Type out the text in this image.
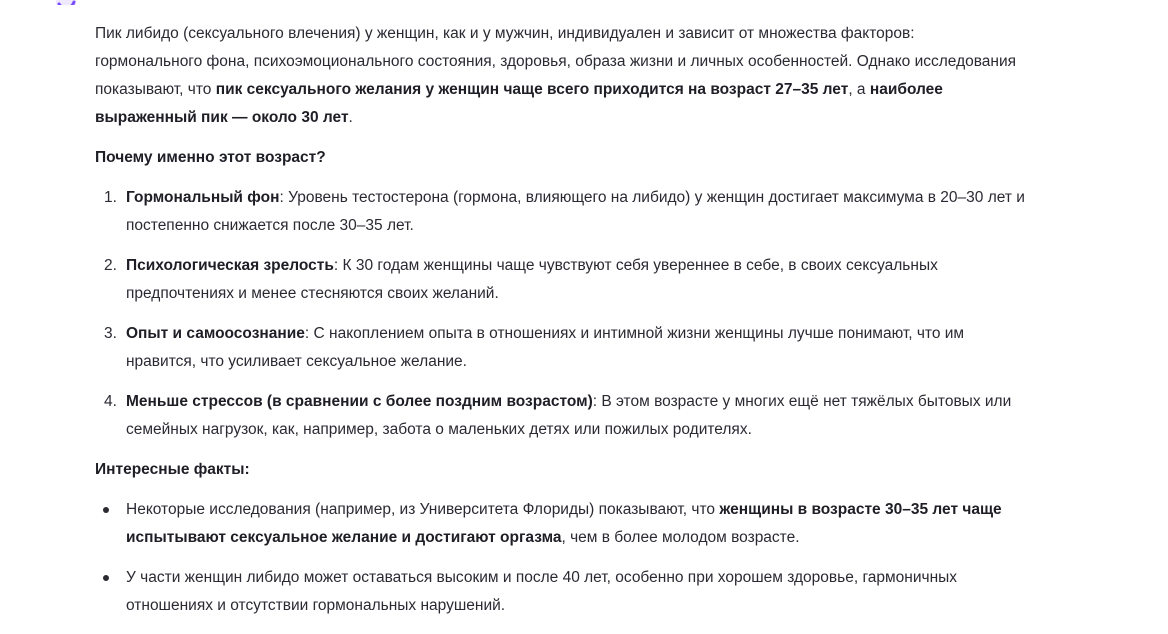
Пик либидо (сексуального влечения) у женщин, как и у мужчин, индивидуален и зависит от множества факторов: гормонального фона, психоэмоционального состояния, здоровья, образа жизни и личных особенностей. Однако исследования показывают, что пик сексуального желания у женщин чаще всего приходится на возраст 27–35 лет, а наиболее выраженный пик — около 30 лет.

Почему именно этот возраст?

1. Гормональный фон: Уровень тестостерона (гормона, влияющего на либидо) у женщин достигает максимума в 20–30 лет и постепенно снижается после 30–35 лет.
2. Психологическая зрелость: К 30 годам женщины чаще чувствуют себя увереннее в себе, в своих сексуальных предпочтениях и менее стесняются своих желаний.
3. Опыт и самоосознание: С накоплением опыта в отношениях и интимной жизни женщины лучше понимают, что им нравится, что усиливает сексуальное желание.
4. Меньше стрессов (в сравнении с более поздним возрастом): В этом возрасте у многих ещё нет тяжёлых бытовых или семейных нагрузок, как, например, забота о маленьких детях или пожилых родителях.

Интересные факты:

Некоторые исследования (например, из Университета Флориды) показывают, что женщины в возрасте 30–35 лет чаще испытывают сексуальное желание и достигают оргазма, чем в более молодом возрасте.
У части женщин либидо может оставаться высоким и после 40 лет, особенно при хорошем здоровье, гармоничных отношениях и отсутствии гормональных нарушений.
